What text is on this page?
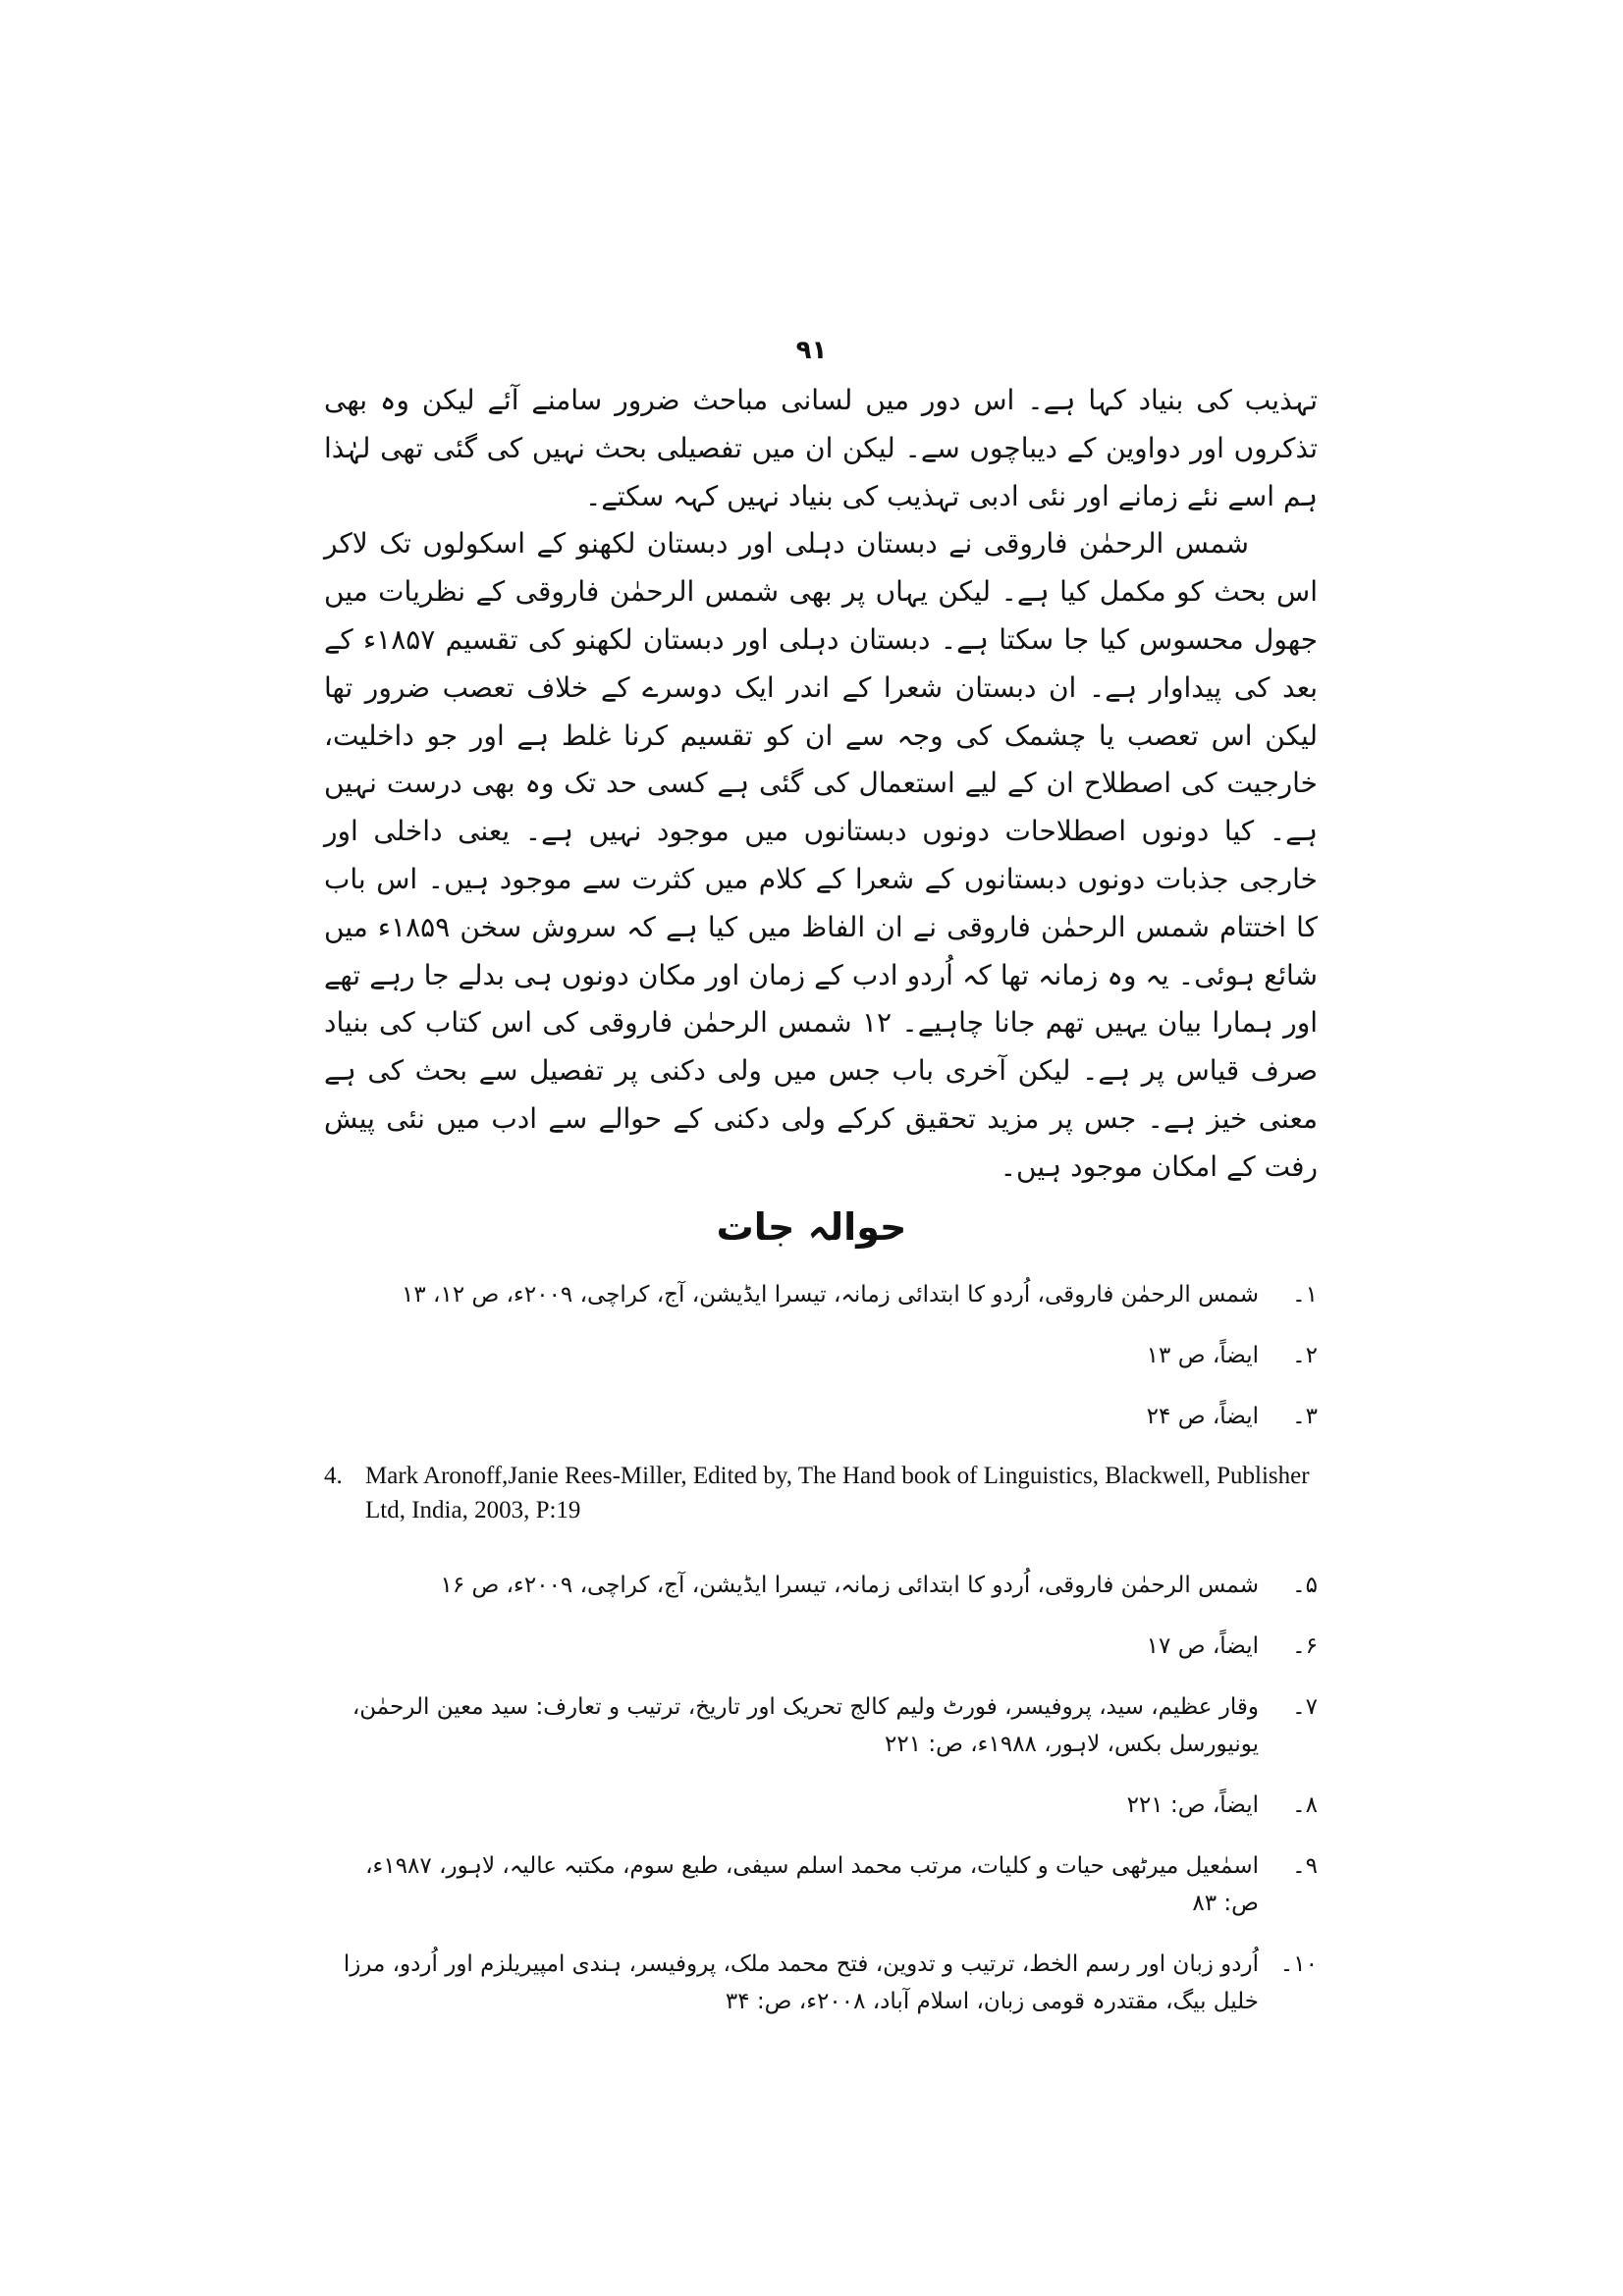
۹۱

تہذیب کی بنیاد کہا ہے۔ اس دور میں لسانی مباحث ضرور سامنے آئے لیکن وہ بھی تذکروں اور دواوین کے دیباچوں سے۔ لیکن ان میں تفصیلی بحث نہیں کی گئی تھی لہٰذا ہم اسے نئے زمانے اور نئی ادبی تہذیب کی بنیاد نہیں کہہ سکتے۔

شمس الرحمٰن فاروقی نے دبستان دہلی اور دبستان لکھنو کے اسکولوں تک لاکر اس بحث کو مکمل کیا ہے۔ لیکن یہاں پر بھی شمس الرحمٰن فاروقی کے نظریات میں جھول محسوس کیا جا سکتا ہے۔ دبستان دہلی اور دبستان لکھنو کی تقسیم ۱۸۵۷ء کے بعد کی پیداوار ہے۔ ان دبستان شعرا کے اندر ایک دوسرے کے خلاف تعصب ضرور تھا لیکن اس تعصب یا چشمک کی وجہ سے ان کو تقسیم کرنا غلط ہے اور جو داخلیت، خارجیت کی اصطلاح ان کے لیے استعمال کی گئی ہے کسی حد تک وہ بھی درست نہیں ہے۔ کیا دونوں اصطلاحات دونوں دبستانوں میں موجود نہیں ہے۔ یعنی داخلی اور خارجی جذبات دونوں دبستانوں کے شعرا کے کلام میں کثرت سے موجود ہیں۔ اس باب کا اختتام شمس الرحمٰن فاروقی نے ان الفاظ میں کیا ہے کہ سروش سخن ۱۸۵۹ء میں شائع ہوئی۔ یہ وہ زمانہ تھا کہ اُردو ادب کے زمان اور مکان دونوں ہی بدلے جا رہے تھے اور ہمارا بیان یہیں تھم جانا چاہیے۔ ۱۲ شمس الرحمٰن فاروقی کی اس کتاب کی بنیاد صرف قیاس پر ہے۔ لیکن آخری باب جس میں ولی دکنی پر تفصیل سے بحث کی ہے معنی خیز ہے۔ جس پر مزید تحقیق کرکے ولی دکنی کے حوالے سے ادب میں نئی پیش رفت کے امکان موجود ہیں۔

حوالہ جات
۱۔
شمس الرحمٰن فاروقی، اُردو کا ابتدائی زمانہ، تیسرا ایڈیشن، آج، کراچی، ۲۰۰۹ء، ص ۱۲، ۱۳
۲۔
ایضاً، ص ۱۳
۳۔
ایضاً، ص ۲۴
4. Mark Aronoff,Janie Rees-Miller, Edited by, The Hand book of Linguistics, Blackwell, Publisher Ltd, India, 2003, P:19
۵۔
شمس الرحمٰن فاروقی، اُردو کا ابتدائی زمانہ، تیسرا ایڈیشن، آج، کراچی، ۲۰۰۹ء، ص ۱۶
۶۔
ایضاً، ص ۱۷
۷۔
وقار عظیم، سید، پروفیسر، فورٹ ولیم کالج تحریک اور تاریخ، ترتیب و تعارف: سید معین الرحمٰن، یونیورسل بکس، لاہور، ۱۹۸۸ء، ص: ۲۲۱
۸۔
ایضاً، ص: ۲۲۱
۹۔
اسمٰعیل میرٹھی حیات و کلیات، مرتب محمد اسلم سیفی، طبع سوم، مکتبہ عالیہ، لاہور، ۱۹۸۷ء، ص: ۸۳
۱۰۔
اُردو زبان اور رسم الخط، ترتیب و تدوین، فتح محمد ملک، پروفیسر، ہندی امپیریلزم اور اُردو، مرزا خلیل بیگ، مقتدرہ قومی زبان، اسلام آباد، ۲۰۰۸ء، ص: ۳۴
